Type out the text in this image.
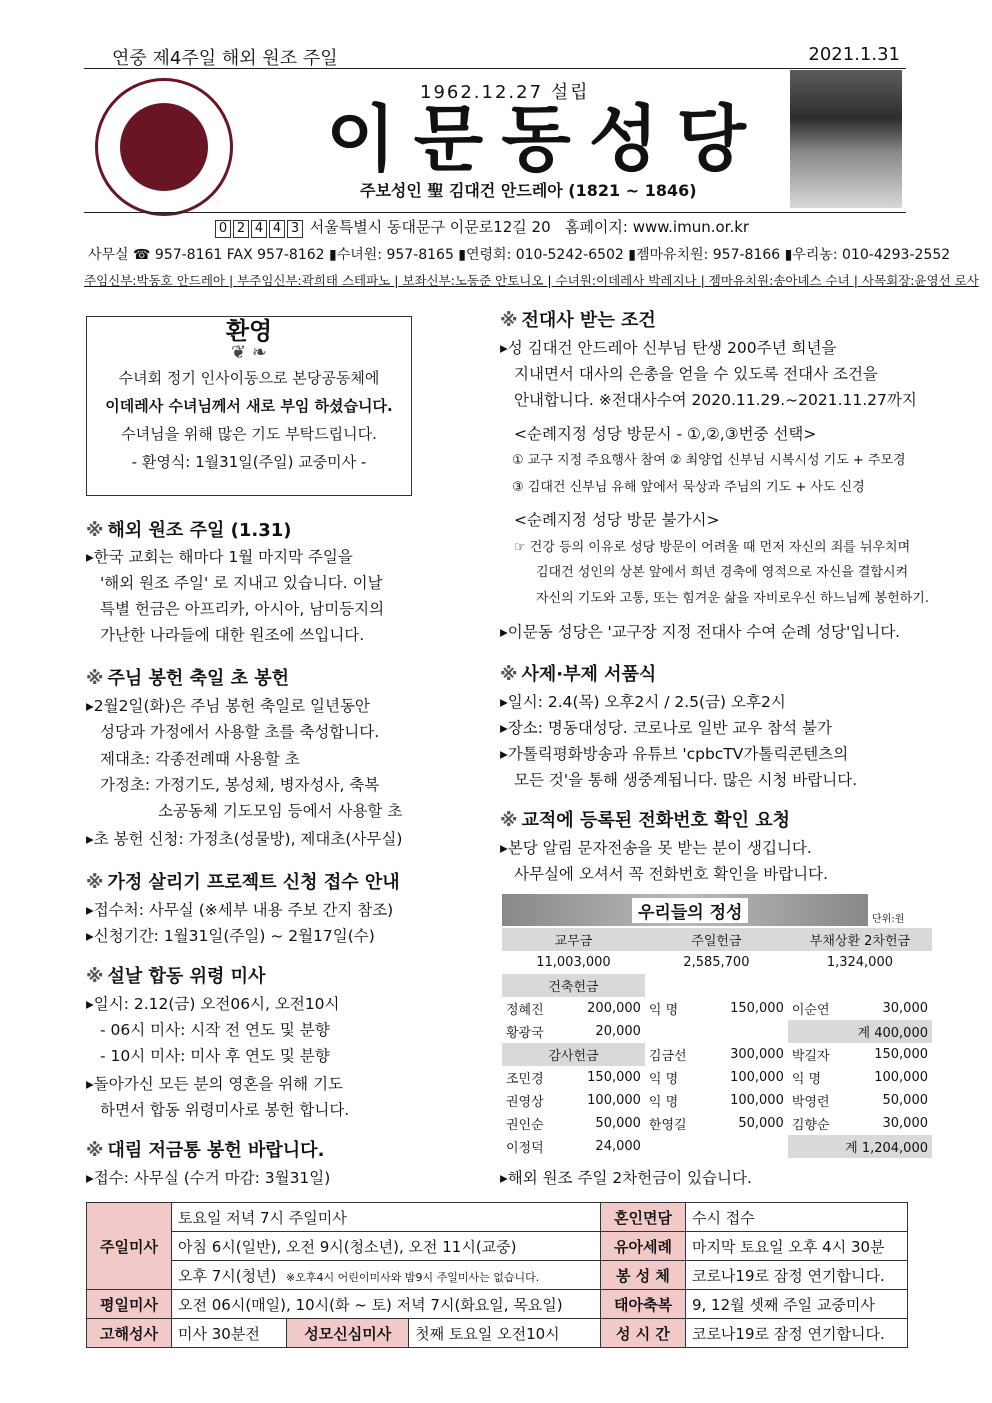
연중 제4주일 해외 원조 주일	2021.1.31
1962.12.27 설립
이문동성당
주보성인 聖 김대건 안드레아 (1821 ~ 1846)
0 2 4 4 3 서울특별시 동대문구 이문로12길 20 홈페이지: www.imun.or.kr
사무실 ☎ 957-8161 FAX 957-8162 ▮수녀원: 957-8165 ▮연령회: 010-5242-6502 ▮젬마유치원: 957-8166 ▮우리농: 010-4293-2552
주임신부:박동호 안드레아 | 부주임신부:곽희태 스테파노 | 보좌신부:노동준 안토니오 | 수녀원:이데레사 박레지나 | 젬마유치원:송아녜스 수녀 | 사목회장:윤영선 로사
환영
❦ ❧

수녀회 정기 인사이동으로 본당공동체에

이데레사 수녀님께서 새로 부임 하셨습니다.

수녀님을 위해 많은 기도 부탁드립니다.

- 환영식: 1월31일(주일) 교중미사 -

※ 해외 원조 주일 (1.31)
▸한국 교회는 해마다 1월 마지막 주일을
'해외 원조 주일' 로 지내고 있습니다. 이날
특별 헌금은 아프리카, 아시아, 남미등지의
가난한 나라들에 대한 원조에 쓰입니다.
※ 주님 봉헌 축일 초 봉헌
▸2월2일(화)은 주님 봉헌 축일로 일년동안
성당과 가정에서 사용할 초를 축성합니다.
제대초: 각종전례때 사용할 초
가정초: 가정기도, 봉성체, 병자성사, 축복
소공동체 기도모임 등에서 사용할 초
▸초 봉헌 신청: 가정초(성물방), 제대초(사무실)
※ 가정 살리기 프로젝트 신청 접수 안내
▸접수처: 사무실 (※세부 내용 주보 간지 참조)
▸신청기간: 1월31일(주일) ~ 2월17일(수)
※ 설날 합동 위령 미사
▸일시: 2.12(금) 오전06시, 오전10시
- 06시 미사: 시작 전 연도 및 분향
- 10시 미사: 미사 후 연도 및 분향
▸돌아가신 모든 분의 영혼을 위해 기도
하면서 합동 위령미사로 봉헌 합니다.
※ 대림 저금통 봉헌 바랍니다.
▸접수: 사무실 (수거 마감: 3월31일)
※ 전대사 받는 조건
▸성 김대건 안드레아 신부님 탄생 200주년 희년을
지내면서 대사의 은총을 얻을 수 있도록 전대사 조건을
안내합니다. ※전대사수여 2020.11.29.~2021.11.27까지
<순례지정 성당 방문시 - ①,②,③번중 선택>
① 교구 지정 주요행사 참여 ② 최양업 신부님 시복시성 기도 + 주모경
③ 김대건 신부님 유해 앞에서 묵상과 주님의 기도 + 사도 신경
<순례지정 성당 방문 불가시>
☞ 건강 등의 이유로 성당 방문이 어려울 때 먼저 자신의 죄를 뉘우치며
김대건 성인의 상본 앞에서 희년 경축에 영적으로 자신을 결합시켜
자신의 기도와 고통, 또는 힘겨운 삶을 자비로우신 하느님께 봉헌하기.
▸이문동 성당은 '교구장 지정 전대사 수여 순례 성당'입니다.
※ 사제·부제 서품식
▸일시: 2.4(목) 오후2시 / 2.5(금) 오후2시
▸장소: 명동대성당. 코로나로 일반 교우 참석 불가
▸가톨릭평화방송과 유튜브 'cpbcTV가톨릭콘텐츠의
모든 것'을 통해 생중계됩니다. 많은 시청 바랍니다.
※ 교적에 등록된 전화번호 확인 요청
▸본당 알림 문자전송을 못 받는 분이 생깁니다.
사무실에 오셔서 꼭 전화번호 확인을 바랍니다.
우리들의 정성	단위:원
교무금		주일헌금		부채상환 2차헌금	
11,003,000		2,585,700		1,324,000	
건축헌금					
정혜진	200,000	익 명	150,000	이순연	30,000
황광국	20,000			계 400,000	
감사헌금		김금선	300,000	박길자	150,000
조민경	150,000	익 명	100,000	익 명	100,000
권영상	100,000	익 명	100,000	박영련	50,000
권인순	50,000	한영길	50,000	김향순	30,000
이정덕	24,000			계 1,204,000	
▸해외 원조 주일 2차헌금이 있습니다.
주일미사	토요일 저녁 7시 주일미사			혼인면담	수시 접수
	아침 6시(일반), 오전 9시(청소년), 오전 11시(교중)			유아세례	마지막 토요일 오후 4시 30분
	오후 7시(청년) ※오후4시 어린이미사와 밤9시 주일미사는 없습니다.			봉 성 체	코로나19로 잠정 연기합니다.
평일미사	오전 06시(매일), 10시(화 ~ 토) 저녁 7시(화요일, 목요일)			태아축복	9, 12월 셋째 주일 교중미사
고해성사	미사 30분전	성모신심미사	첫째 토요일 오전10시	성 시 간	코로나19로 잠정 연기합니다.
